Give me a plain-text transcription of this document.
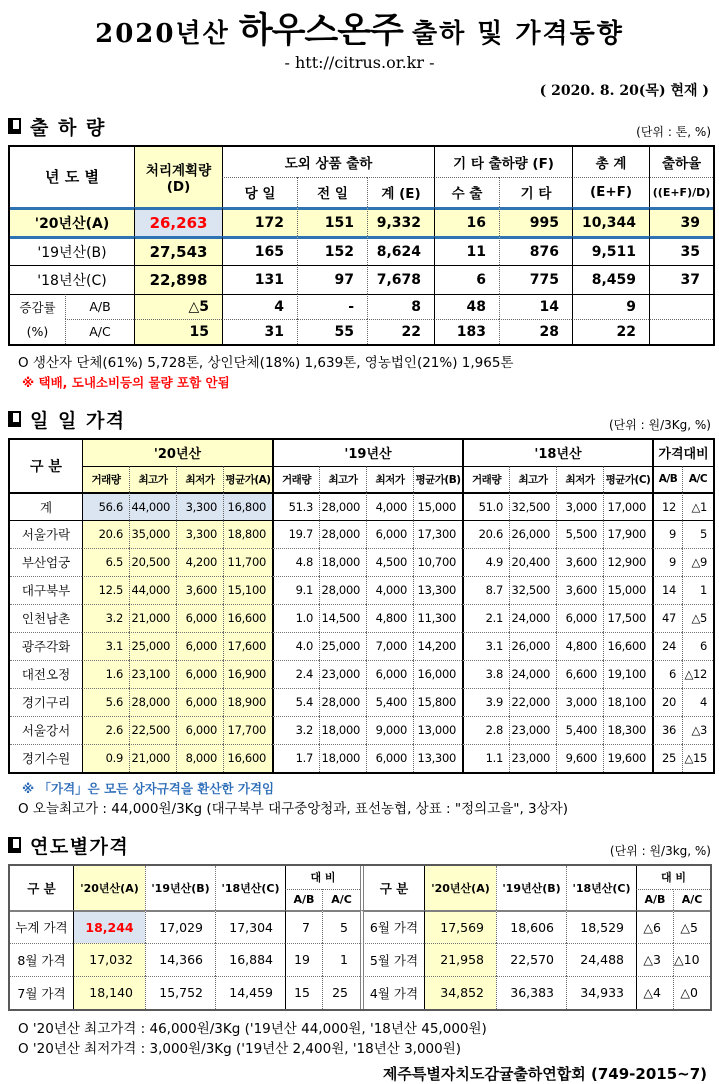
2020년산 하우스온주 출하 및 가격동향
- htt://citrus.or.kr -
( 2020. 8. 20(목) 현재 )
출 하 량	(단위 : 톤, %)
년 도 별		처리계획량
(D)	도외 상품 출하			기 타 출하량 (F)		총 계	출하율
			당 일	전 일	계 (E)	수 출	기 타	(E+F)	((E+F)/D)
'20년산(A)		26,263	172	151	9,332	16	995	10,344	39
'19년산(B)		27,543	165	152	8,624	11	876	9,511	35
'18년산(C)		22,898	131	97	7,678	6	775	8,459	37
증감률	A/B	△5	4	-	8	48	14	9	
(%)	A/C	15	31	55	22	183	28	22	
O 생산자 단체(61%) 5,728톤, 상인단체(18%) 1,639톤, 영농법인(21%) 1,965톤
※ 택배, 도내소비등의 물량 포함 안됨
일 일 가격	(단위 : 원/3Kg, %)
구 분	'20년산				'19년산				'18년산				가격대비	
	거래량	최고가	최저가	평균가(A)	거래량	최고가	최저가	평균가(B)	거래량	최고가	최저가	평균가(C)	A/B	A/C
계	56.6	44,000	3,300	16,800	51.3	28,000	4,000	15,000	51.0	32,500	3,000	17,000	12	△1
서울가락	20.6	35,000	3,300	18,800	19.7	28,000	6,000	17,300	20.6	26,000	5,500	17,900	9	5
부산엄궁	6.5	20,500	4,200	11,700	4.8	18,000	4,500	10,700	4.9	20,400	3,600	12,900	9	△9
대구북부	12.5	44,000	3,600	15,100	9.1	28,000	4,000	13,300	8.7	32,500	3,600	15,000	14	1
인천남촌	3.2	21,000	6,000	16,600	1.0	14,500	4,800	11,300	2.1	24,000	6,000	17,500	47	△5
광주각화	3.1	25,000	6,000	17,600	4.0	25,000	7,000	14,200	3.1	26,000	4,800	16,600	24	6
대전오정	1.6	23,100	6,000	16,900	2.4	23,000	6,000	16,000	3.8	24,000	6,600	19,100	6	△12
경기구리	5.6	28,000	6,000	18,900	5.4	28,000	5,400	15,800	3.9	22,000	3,000	18,100	20	4
서울강서	2.6	22,500	6,000	17,700	3.2	18,000	9,000	13,000	2.8	23,000	5,400	18,300	36	△3
경기수원	0.9	21,000	8,000	16,600	1.7	18,000	6,000	13,300	1.1	23,000	9,600	19,600	25	△15
※ 「가격」은 모든 상자규격을 환산한 가격임
O 오늘최고가 : 44,000원/3Kg (대구북부 대구중앙청과, 표선농협, 상표 : "정의고을", 3상자)
연도별가격	(단위 : 원/3kg, %)
구 분	'20년산(A)	'19년산(B)	'18년산(C)	대 비		구 분	'20년산(A)	'19년산(B)	'18년산(C)	대 비	
				A/B	A/C					A/B	A/C
누계 가격	18,244	17,029	17,304	7	5	6월 가격	17,569	18,606	18,529	△6	△5
8월 가격	17,032	14,366	16,884	19	1	5월 가격	21,958	22,570	24,488	△3	△10
7월 가격	18,140	15,752	14,459	15	25	4월 가격	34,852	36,383	34,933	△4	△0
O '20년산 최고가격 : 46,000원/3Kg ('19년산 44,000원, '18년산 45,000원)
O '20년산 최저가격 : 3,000원/3Kg ('19년산 2,400원, '18년산 3,000원)
제주특별자치도감귤출하연합회 (749-2015~7)
